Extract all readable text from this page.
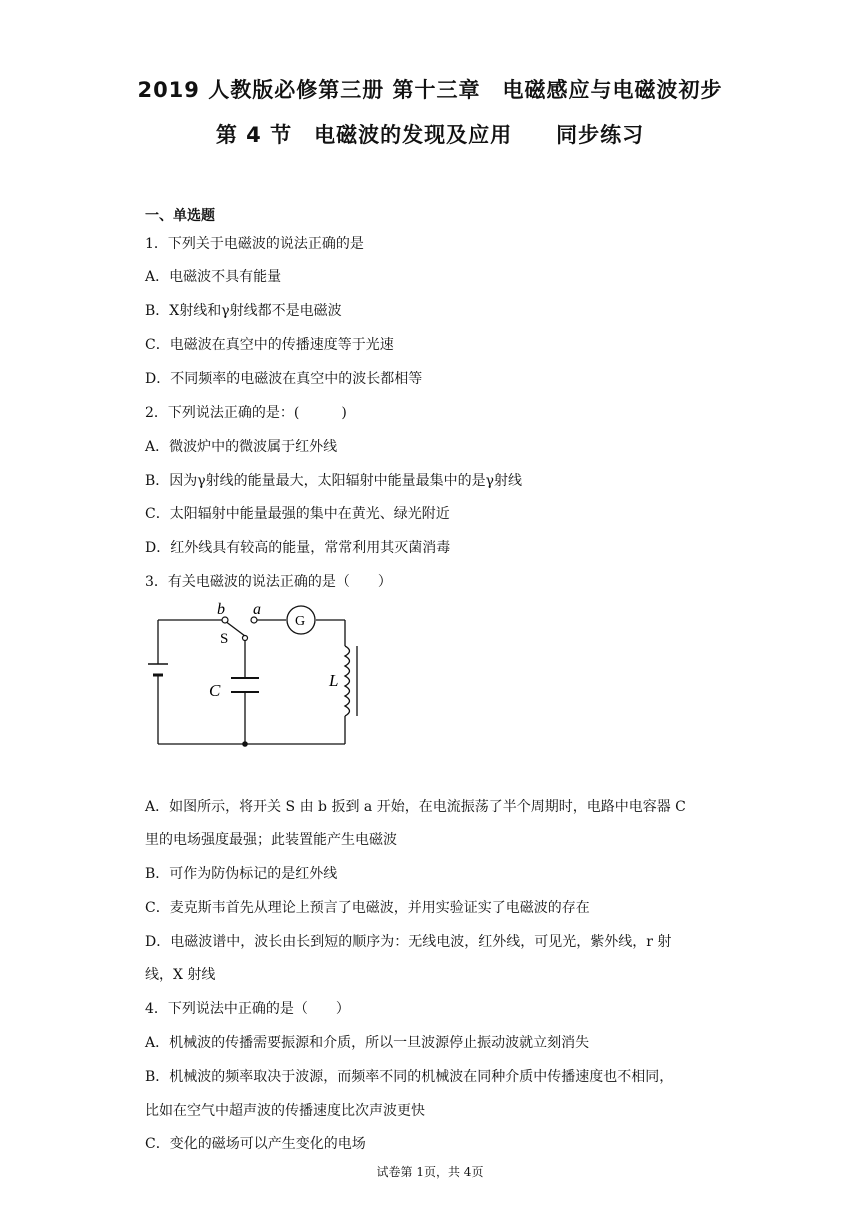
2019 人教版必修第三册 第十三章　电磁感应与电磁波初步
第 4 节　电磁波的发现及应用　　同步练习
一、单选题
1．下列关于电磁波的说法正确的是
A．电磁波不具有能量
B．X射线和γ射线都不是电磁波
C．电磁波在真空中的传播速度等于光速
D．不同频率的电磁波在真空中的波长都相等
2．下列说法正确的是：(　　　)
A．微波炉中的微波属于红外线
B．因为γ射线的能量最大，太阳辐射中能量最集中的是γ射线
C．太阳辐射中能量最强的集中在黄光、绿光附近
D．红外线具有较高的能量，常常利用其灭菌消毒
3．有关电磁波的说法正确的是（　　）
b a
S
G
C
L
A．如图所示，将开关 S 由 b 扳到 a 开始，在电流振荡了半个周期时，电路中电容器 C
里的电场强度最强；此装置能产生电磁波
B．可作为防伪标记的是红外线
C．麦克斯韦首先从理论上预言了电磁波，并用实验证实了电磁波的存在
D．电磁波谱中，波长由长到短的顺序为：无线电波，红外线，可见光，紫外线，r 射
线，X 射线
4．下列说法中正确的是（　　）
A．机械波的传播需要振源和介质，所以一旦波源停止振动波就立刻消失
B．机械波的频率取决于波源，而频率不同的机械波在同种介质中传播速度也不相同，
比如在空气中超声波的传播速度比次声波更快
C．变化的磁场可以产生变化的电场
试卷第 1页，共 4页
